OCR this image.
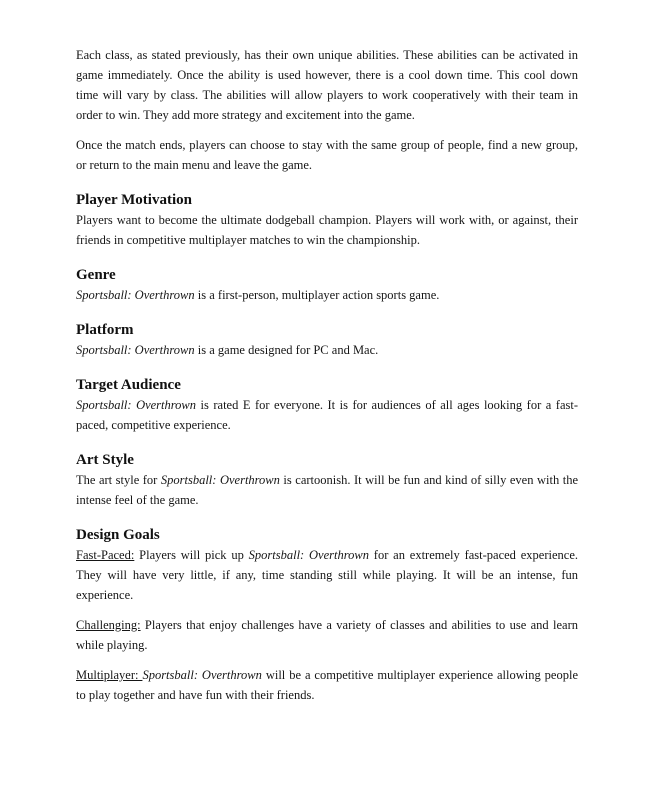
Each class, as stated previously, has their own unique abilities. These abilities can be activated in game immediately. Once the ability is used however, there is a cool down time. This cool down time will vary by class. The abilities will allow players to work cooperatively with their team in order to win. They add more strategy and excitement into the game.

Once the match ends, players can choose to stay with the same group of people, find a new group, or return to the main menu and leave the game.

Player Motivation

Players want to become the ultimate dodgeball champion. Players will work with, or against, their friends in competitive multiplayer matches to win the championship.

Genre

Sportsball: Overthrown is a first-person, multiplayer action sports game.

Platform

Sportsball: Overthrown is a game designed for PC and Mac.

Target Audience

Sportsball: Overthrown is rated E for everyone. It is for audiences of all ages looking for a fast-paced, competitive experience.

Art Style

The art style for Sportsball: Overthrown is cartoonish. It will be fun and kind of silly even with the intense feel of the game.

Design Goals

Fast-Paced: Players will pick up Sportsball: Overthrown for an extremely fast-paced experience. They will have very little, if any, time standing still while playing. It will be an intense, fun experience.

Challenging: Players that enjoy challenges have a variety of classes and abilities to use and learn while playing.

Multiplayer: Sportsball: Overthrown will be a competitive multiplayer experience allowing people to play together and have fun with their friends.
